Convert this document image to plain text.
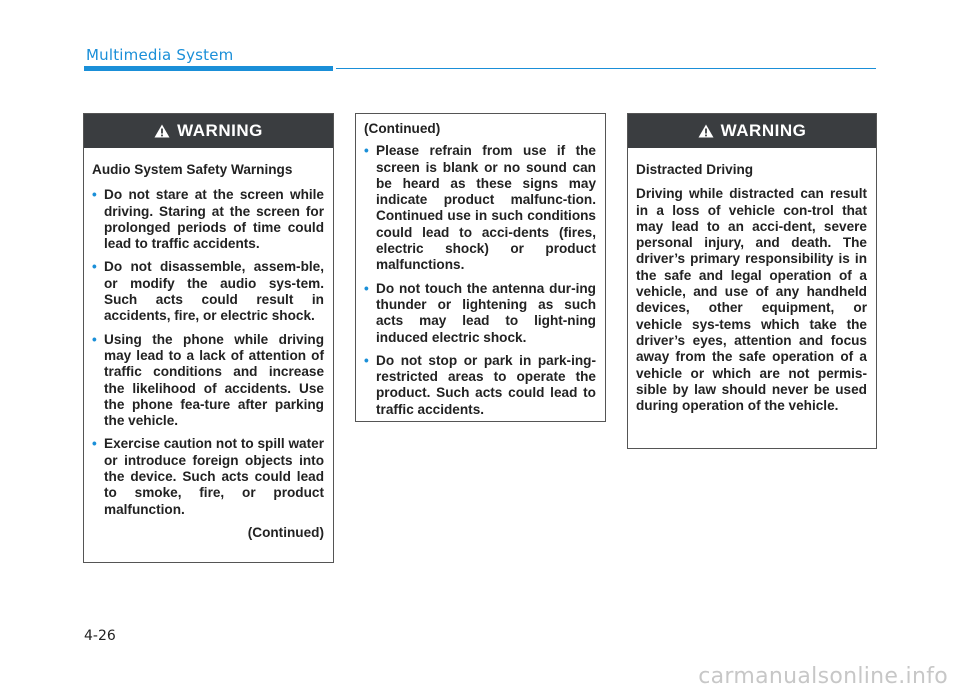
Multimedia System
WARNING
Audio System Safety Warnings
• Do not stare at the screen while driving. Staring at the screen for prolonged periods of time could lead to traffic accidents.
• Do not disassemble, assem-ble, or modify the audio sys-tem. Such acts could result in accidents, fire, or electric shock.
• Using the phone while driving may lead to a lack of attention of traffic conditions and increase the likelihood of accidents. Use the phone fea-ture after parking the vehicle.
• Exercise caution not to spill water or introduce foreign objects into the device. Such acts could lead to smoke, fire, or product malfunction.
(Continued)
(Continued)
• Please refrain from use if the screen is blank or no sound can be heard as these signs may indicate product malfunc-tion. Continued use in such conditions could lead to acci-dents (fires, electric shock) or product malfunctions.
• Do not touch the antenna dur-ing thunder or lightening as such acts may lead to light-ning induced electric shock.
• Do not stop or park in park-ing-restricted areas to operate the product. Such acts could lead to traffic accidents.
WARNING
Distracted Driving
Driving while distracted can result in a loss of vehicle con-trol that may lead to an acci-dent, severe personal injury, and death. The driver’s primary responsibility is in the safe and legal operation of a vehicle, and use of any handheld devices, other equipment, or vehicle sys-tems which take the driver’s eyes, attention and focus away from the safe operation of a vehicle or which are not permis-sible by law should never be used during operation of the vehicle.
4-26
carmanualsonline.info
